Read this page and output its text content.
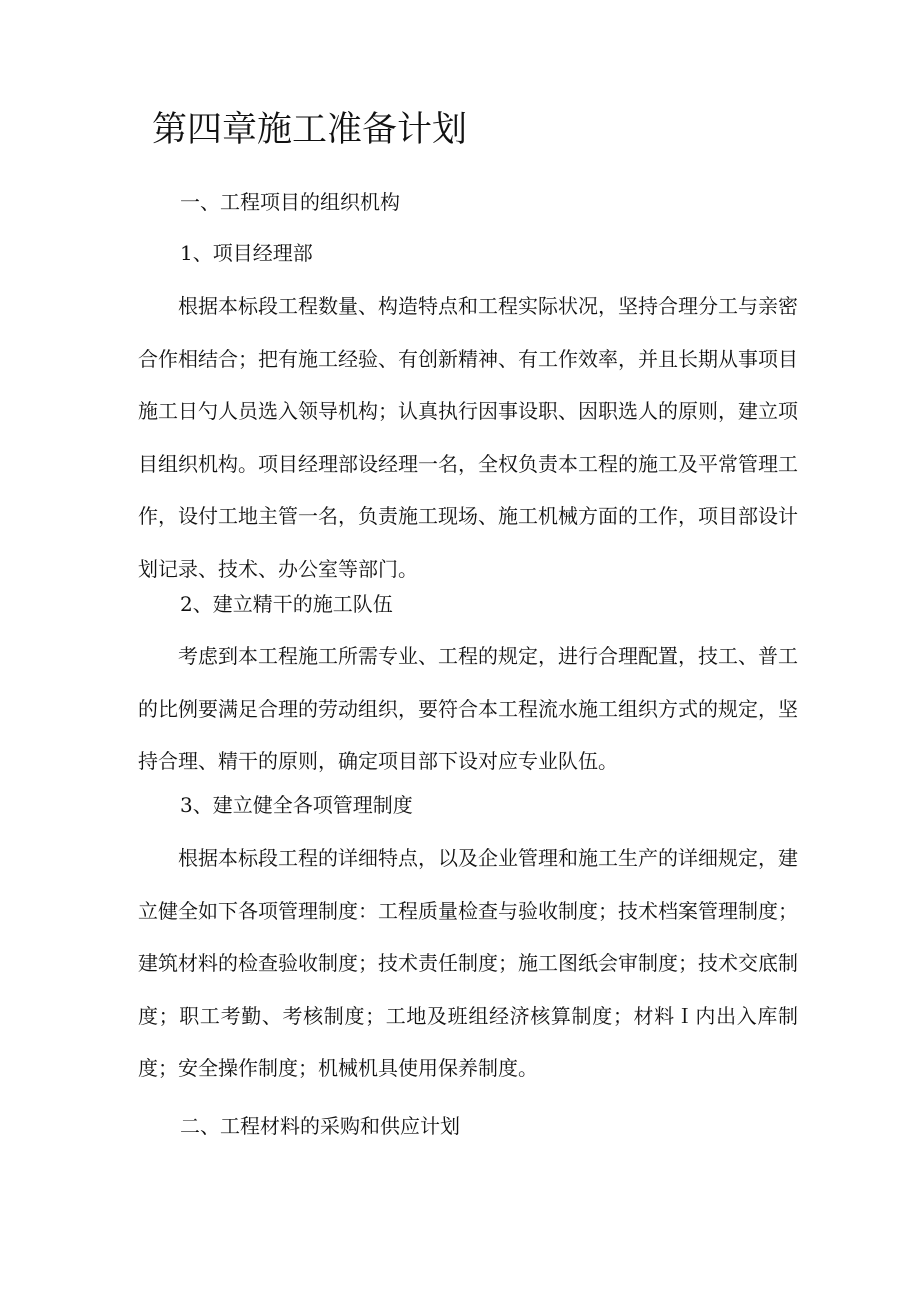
第四章施工准备计划
一、工程项目的组织机构
1、项目经理部

根据本标段工程数量、构造特点和工程实际状况，坚持合理分工与亲密合作相结合；把有施工经验、有创新精神、有工作效率，并且长期从事项目施工日勺人员选入领导机构；认真执行因事设职、因职选人的原则，建立项目组织机构。项目经理部设经理一名，全权负责本工程的施工及平常管理工作，设付工地主管一名，负责施工现场、施工机械方面的工作，项目部设计划记录、技术、办公室等部门。

2、建立精干的施工队伍

考虑到本工程施工所需专业、工程的规定，进行合理配置，技工、普工的比例要满足合理的劳动组织，要符合本工程流水施工组织方式的规定，坚持合理、精干的原则，确定项目部下设对应专业队伍。

3、建立健全各项管理制度

根据本标段工程的详细特点，以及企业管理和施工生产的详细规定，建立健全如下各项管理制度：工程质量检查与验收制度；技术档案管理制度；建筑材料的检查验收制度；技术责任制度；施工图纸会审制度；技术交底制度；职工考勤、考核制度；工地及班组经济核算制度；材料Ｉ内出入库制度；安全操作制度；机械机具使用保养制度。

二、工程材料的采购和供应计划
